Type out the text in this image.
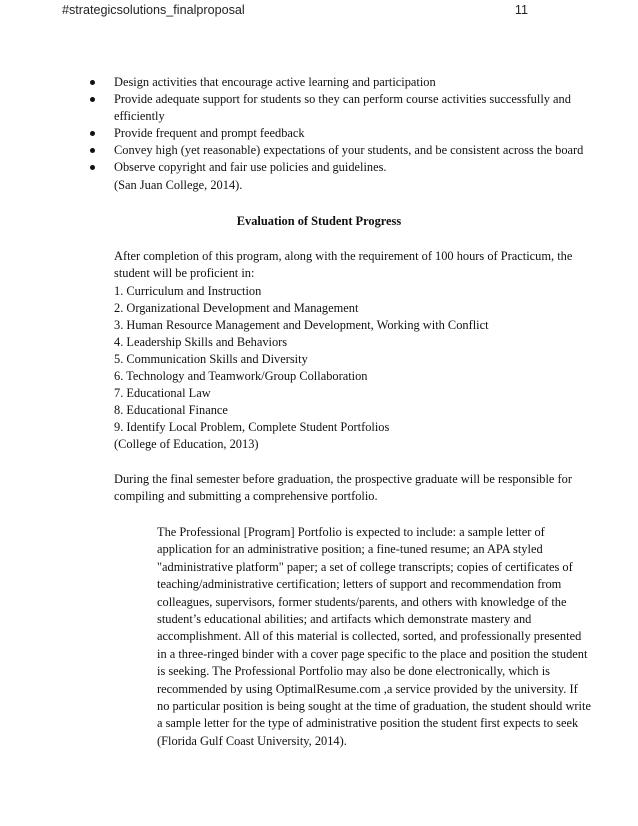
#strategicsolutions_finalproposal	11
Design activities that encourage active learning and participation
Provide adequate support for students so they can perform course activities successfully and
efficiently
Provide frequent and prompt feedback
Convey high (yet reasonable) expectations of your students, and be consistent across the board
Observe copyright and fair use policies and guidelines.
(San Juan College, 2014).
Evaluation of Student Progress
After completion of this program, along with the requirement of 100 hours of Practicum, the
student will be proficient in:
1. Curriculum and Instruction
2. Organizational Development and Management
3. Human Resource Management and Development, Working with Conflict
4. Leadership Skills and Behaviors
5. Communication Skills and Diversity
6. Technology and Teamwork/Group Collaboration
7. Educational Law
8. Educational Finance
9. Identify Local Problem, Complete Student Portfolios
(College of Education, 2013)
During the final semester before graduation, the prospective graduate will be responsible for
compiling and submitting a comprehensive portfolio.
The Professional [Program] Portfolio is expected to include: a sample letter of
application for an administrative position; a fine-tuned resume; an APA styled
"administrative platform" paper; a set of college transcripts; copies of certificates of
teaching/administrative certification; letters of support and recommendation from
colleagues, supervisors, former students/parents, and others with knowledge of the
student’s educational abilities; and artifacts which demonstrate mastery and
accomplishment. All of this material is collected, sorted, and professionally presented
in a three-ringed binder with a cover page specific to the place and position the student
is seeking. The Professional Portfolio may also be done electronically, which is
recommended by using OptimalResume.com ,a service provided by the university. If
no particular position is being sought at the time of graduation, the student should write
a sample letter for the type of administrative position the student first expects to seek
(Florida Gulf Coast University, 2014).
